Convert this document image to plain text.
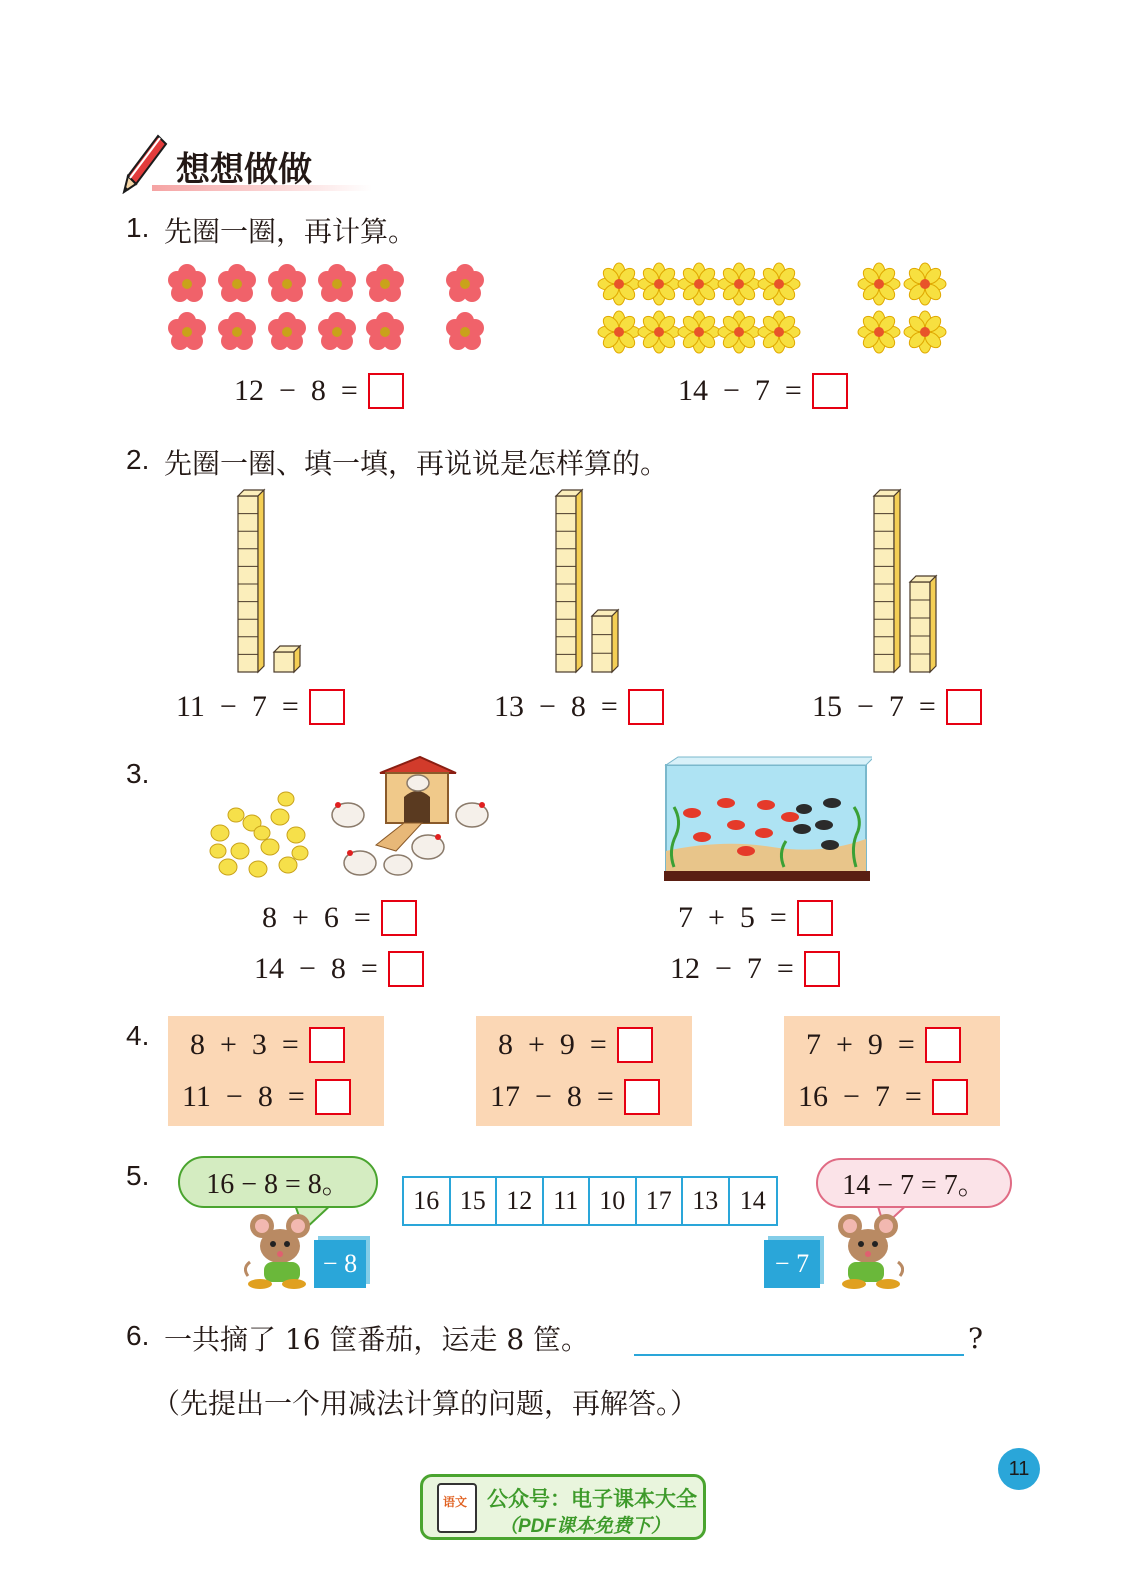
想想做做
1. 先圈一圈，再计算。
12
−
8
=	14
−
7
=
2. 先圈一圈、填一填，再说说是怎样算的。
11
−
7
=	13
−
8
=	15
−
7
=
3.
8
+
6
=
14
−
8
=
7
+
5
=
12
−
7
=
4. 8
+
3
=
11
−
8
=
8
+
9
=
17
−
8
=
7
+
9
=
16
−
7
=
5.	16 − 8 = 8。
− 8
16 15 12 11 10 17 13 14	14 − 7 = 7。
− 7
6. 一共摘了 16 筐番茄，运走 8 筐。	?
（先提出一个用减法计算的问题，再解答。）
11
语文 公众号：电子课本大全
（PDF课本免费下）
